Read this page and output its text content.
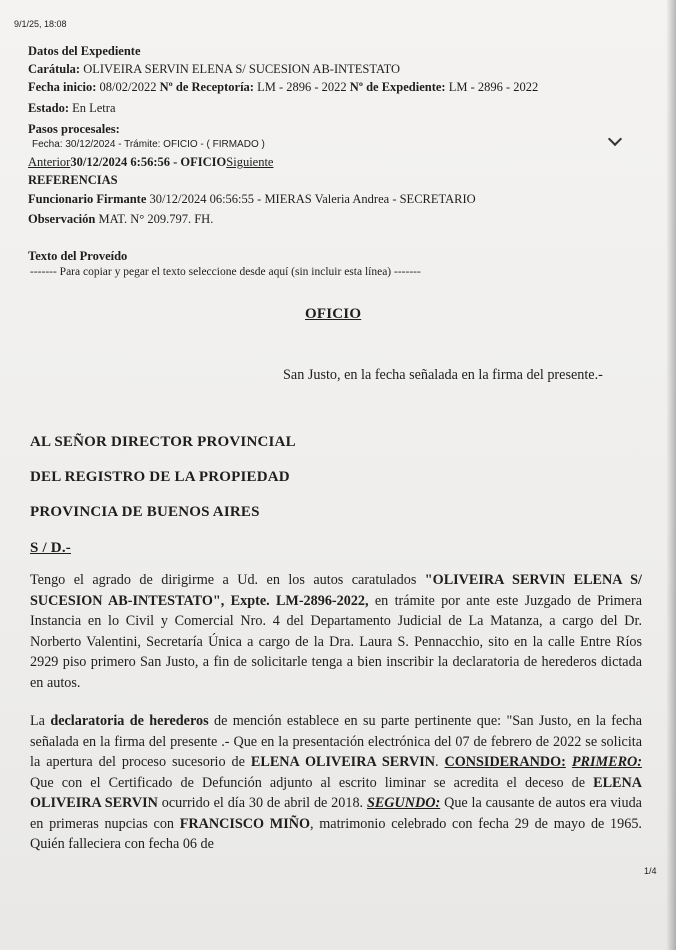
9/1/25, 18:08
Datos del Expediente
Carátula: OLIVEIRA SERVIN ELENA S/ SUCESION AB-INTESTATO
Fecha inicio: 08/02/2022 Nº de Receptoría: LM - 2896 - 2022 Nº de Expediente: LM - 2896 - 2022
Estado: En Letra
Pasos procesales:
Fecha: 30/12/2024 - Trámite: OFICIO - ( FIRMADO )
Anterior30/12/2024 6:56:56 - OFICIOSiguiente
REFERENCIAS
Funcionario Firmante 30/12/2024 06:56:55 - MIERAS Valeria Andrea - SECRETARIO
Observación MAT. N° 209.797. FH.
Texto del Proveído
------- Para copiar y pegar el texto seleccione desde aquí (sin incluir esta línea) -------
OFICIO
San Justo, en la fecha señalada en la firma del presente.-
AL SEÑOR DIRECTOR PROVINCIAL
DEL REGISTRO DE LA PROPIEDAD
PROVINCIA DE BUENOS AIRES
S / D.-
Tengo el agrado de dirigirme a Ud. en los autos caratulados "OLIVEIRA SERVIN ELENA S/ SUCESION AB-INTESTATO", Expte. LM-2896-2022, en trámite por ante este Juzgado de Primera Instancia en lo Civil y Comercial Nro. 4 del Departamento Judicial de La Matanza, a cargo del Dr. Norberto Valentini, Secretaría Única a cargo de la Dra. Laura S. Pennacchio, sito en la calle Entre Ríos 2929 piso primero San Justo, a fin de solicitarle tenga a bien inscribir la declaratoria de herederos dictada en autos.
La declaratoria de herederos de mención establece en su parte pertinente que: "San Justo, en la fecha señalada en la firma del presente .- Que en la presentación electrónica del 07 de febrero de 2022 se solicita la apertura del proceso sucesorio de ELENA OLIVEIRA SERVIN. CONSIDERANDO: PRIMERO: Que con el Certificado de Defunción adjunto al escrito liminar se acredita el deceso de ELENA OLIVEIRA SERVIN ocurrido el día 30 de abril de 2018. SEGUNDO: Que la causante de autos era viuda en primeras nupcias con FRANCISCO MIÑO, matrimonio celebrado con fecha 29 de mayo de 1965. Quién falleciera con fecha 06 de
1/4
